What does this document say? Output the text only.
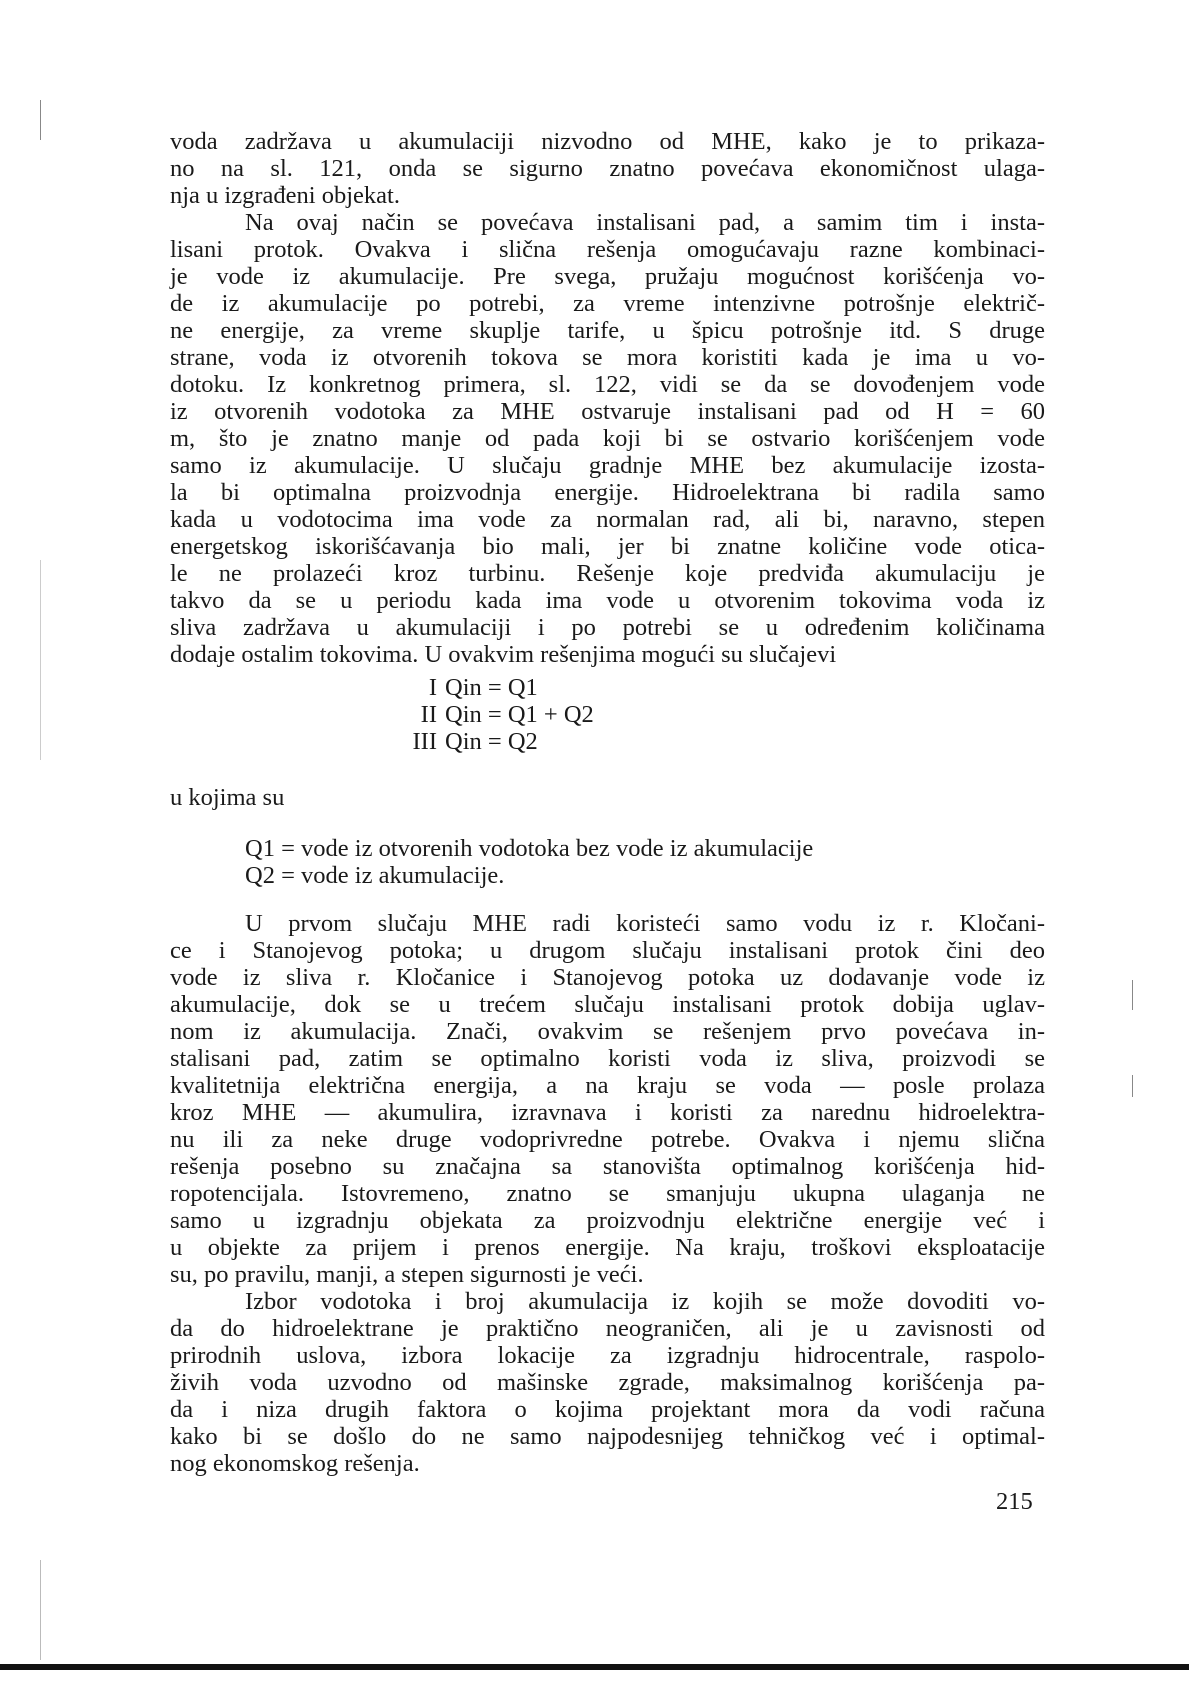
voda zadržava u akumulaciji nizvodno od MHE, kako je to prikaza-
no na sl. 121, onda se sigurno znatno povećava ekonomičnost ulaga-
nja u izgrađeni objekat.
Na ovaj način se povećava instalisani pad, a samim tim i insta-
lisani protok. Ovakva i slična rešenja omogućavaju razne kombinaci-
je vode iz akumulacije. Pre svega, pružaju mogućnost korišćenja vo-
de iz akumulacije po potrebi, za vreme intenzivne potrošnje električ-
ne energije, za vreme skuplje tarife, u špicu potrošnje itd. S druge
strane, voda iz otvorenih tokova se mora koristiti kada je ima u vo-
dotoku. Iz konkretnog primera, sl. 122, vidi se da se dovođenjem vode
iz otvorenih vodotoka za MHE ostvaruje instalisani pad od H = 60
m, što je znatno manje od pada koji bi se ostvario korišćenjem vode
samo iz akumulacije. U slučaju gradnje MHE bez akumulacije izosta-
la bi optimalna proizvodnja energije. Hidroelektrana bi radila samo
kada u vodotocima ima vode za normalan rad, ali bi, naravno, stepen
energetskog iskorišćavanja bio mali, jer bi znatne količine vode otica-
le ne prolazeći kroz turbinu. Rešenje koje predviđa akumulaciju je
takvo da se u periodu kada ima vode u otvorenim tokovima voda iz
sliva zadržava u akumulaciji i po potrebi se u određenim količinama
dodaje ostalim tokovima. U ovakvim rešenjima mogući su slučajevi
I Qin = Q1
II Qin = Q1 + Q2
III Qin = Q2
u kojima su
Q1 = vode iz otvorenih vodotoka bez vode iz akumulacije
Q2 = vode iz akumulacije.
U prvom slučaju MHE radi koristeći samo vodu iz r. Kločani-
ce i Stanojevog potoka; u drugom slučaju instalisani protok čini deo
vode iz sliva r. Kločanice i Stanojevog potoka uz dodavanje vode iz
akumulacije, dok se u trećem slučaju instalisani protok dobija uglav-
nom iz akumulacija. Znači, ovakvim se rešenjem prvo povećava in-
stalisani pad, zatim se optimalno koristi voda iz sliva, proizvodi se
kvalitetnija električna energija, a na kraju se voda — posle prolaza
kroz MHE — akumulira, izravnava i koristi za narednu hidroelektra-
nu ili za neke druge vodoprivredne potrebe. Ovakva i njemu slična
rešenja posebno su značajna sa stanovišta optimalnog korišćenja hid-
ropotencijala. Istovremeno, znatno se smanjuju ukupna ulaganja ne
samo u izgradnju objekata za proizvodnju električne energije već i
u objekte za prijem i prenos energije. Na kraju, troškovi eksploatacije
su, po pravilu, manji, a stepen sigurnosti je veći.
Izbor vodotoka i broj akumulacija iz kojih se može dovoditi vo-
da do hidroelektrane je praktično neograničen, ali je u zavisnosti od
prirodnih uslova, izbora lokacije za izgradnju hidrocentrale, raspolo-
živih voda uzvodno od mašinske zgrade, maksimalnog korišćenja pa-
da i niza drugih faktora o kojima projektant mora da vodi računa
kako bi se došlo do ne samo najpodesnijeg tehničkog već i optimal-
nog ekonomskog rešenja.
215
